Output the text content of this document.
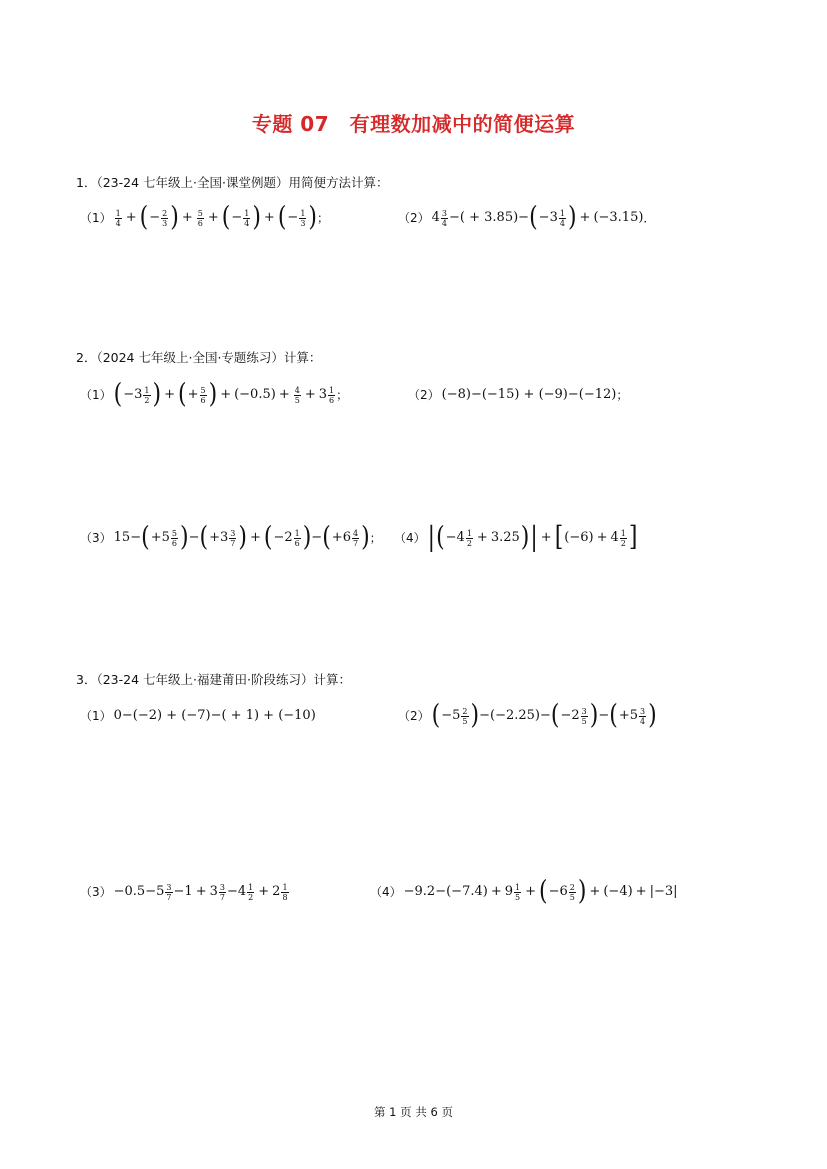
专题 07　有理数加减中的简便运算
1．（23-24 七年级上·全国·课堂例题）用简便方法计算：
（1） 1
4 + ( − 2
3 ) + $\frac{5}{6}$ + ( − 1
4 ) + ( − 1
3 ) ；	（2） 4 3
4 − ( + 3.85) − ( −3 1
4 ) + (−3.15) ．
2．（2024 七年级上·全国·专题练习）计算：
（1） ( −3 1
2 ) + ( + 5
6 ) + $(-0.5) + \frac{4}{5} + 3$ 1
6 ；	（2） (−8)−(−15) + (−9)−(−12) ；
（3） 15 − ( + 5 5
6 ) − ( + 3 3
7 ) + ( −2 1
6 ) − ( + 6 4
7 ) ； （4） | ( −4 1
2 + 3.25 ) | + [ (−6) + 4 1
2 ]
3．（23-24 七年级上·福建莆田·阶段练习）计算：
（1） 0−(−2) + (−7)−( + 1) + (−10)	（2） ( −5 2
5 ) − (−2.25) − ( −2 3
5 ) − ( + 5 3
4 )
（3） −0.5 − 5 3
7 − 1 + 3 3
7 − 4 1
2 + 2 1
8	（4） −9.2−(−7.4) + 9 1
5 + ( −6 2
5 ) + (−4) + |−3|
第 1 页 共 6 页
